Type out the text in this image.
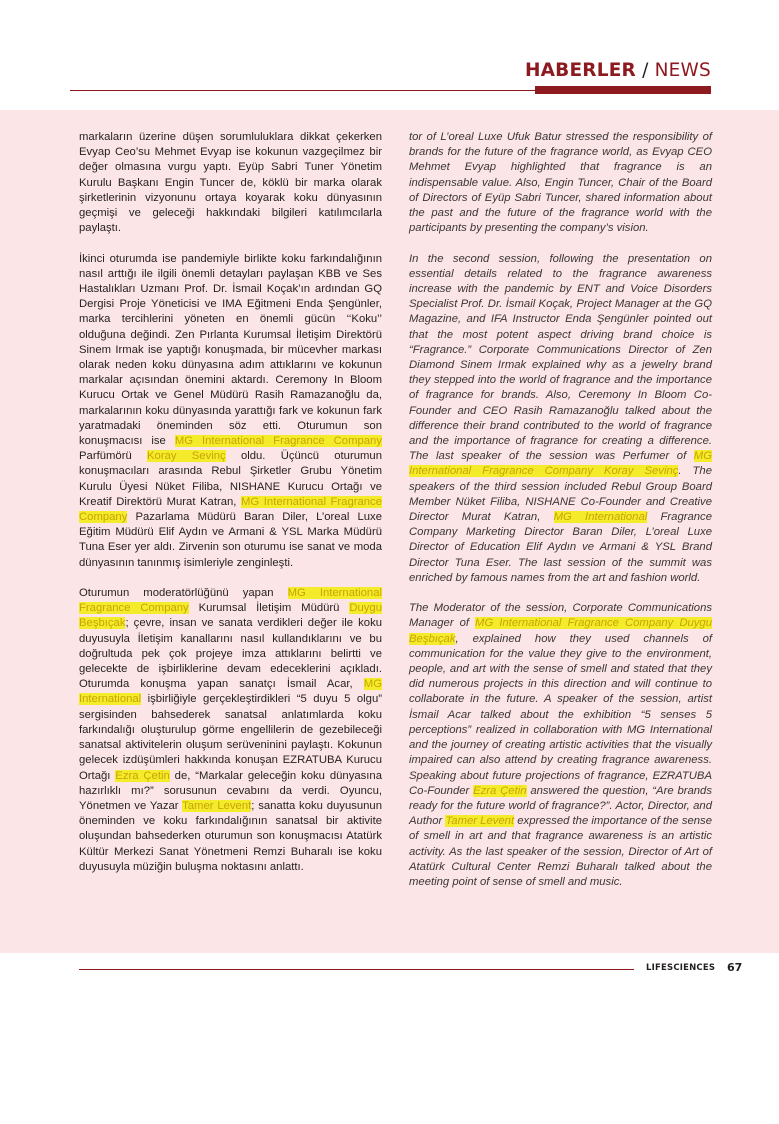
HABERLER / NEWS

markaların üzerine düşen sorumluluklara dikkat çekerken Evyap Ceo’su Mehmet Evyap ise kokunun vazgeçilmez bir değer olmasına vurgu yaptı. Eyüp Sabri Tuner Yönetim Kurulu Başkanı Engin Tuncer de, köklü bir marka olarak şirketlerinin vizyonunu ortaya koyarak koku dünyasının geçmişi ve geleceği hakkındaki bilgileri katılımcılarla paylaştı.

İkinci oturumda ise pandemiyle birlikte koku farkındalığının nasıl arttığı ile ilgili önemli detayları paylaşan KBB ve Ses Hastalıkları Uzmanı Prof. Dr. İsmail Koçak’ın ardından GQ Dergisi Proje Yöneticisi ve IMA Eğitmeni Enda Şengünler, marka tercihlerini yöneten en önemli gücün ‘‘Koku’’ olduğuna değindi. Zen Pırlanta Kurumsal İletişim Direktörü Sinem Irmak ise yaptığı konuşmada, bir mücevher markası olarak neden koku dünyasına adım attıklarını ve kokunun markalar açısından önemini aktardı. Ceremony In Bloom Kurucu Ortak ve Genel Müdürü Rasih Ramazanoğlu da, markalarının koku dünyasında yarattığı fark ve kokunun fark yaratmadaki öneminden söz etti. Oturumun son konuşmacısı ise MG International Fragrance Company Parfümörü Koray Sevinç oldu. Üçüncü oturumun konuşmacıları arasında Rebul Şirketler Grubu Yönetim Kurulu Üyesi Nüket Filiba, NISHANE Kurucu Ortağı ve Kreatif Direktörü Murat Katran, MG International Fragrance Company Pazarlama Müdürü Baran Diler, L’oreal Luxe Eğitim Müdürü Elif Aydın ve Armani & YSL Marka Müdürü Tuna Eser yer aldı. Zirvenin son oturumu ise sanat ve moda dünyasının tanınmış isimleriyle zenginleşti.

Oturumun moderatörlüğünü yapan MG International Fragrance Company Kurumsal İletişim Müdürü Duygu Beşbıçak; çevre, insan ve sanata verdikleri değer ile koku duyusuyla İletişim kanallarını nasıl kullandıklarını ve bu doğrultuda pek çok projeye imza attıklarını belirtti ve gelecekte de işbirliklerine devam edeceklerini açıkladı. Oturumda konuşma yapan sanatçı İsmail Acar, MG International işbirliğiyle gerçekleştirdikleri “5 duyu 5 olgu” sergisinden bahsederek sanatsal anlatımlarda koku farkındalığı oluşturulup görme engellilerin de gezebileceği sanatsal aktivitelerin oluşum serüveninini paylaştı. Kokunun gelecek izdüşümleri hakkında konuşan EZRATUBA Kurucu Ortağı Ezra Çetin de, “Markalar geleceğin koku dünyasına hazırlıklı mı?” sorusunun cevabını da verdi. Oyuncu, Yönetmen ve Yazar Tamer Levent; sanatta koku duyusunun öneminden ve koku farkındalığının sanatsal bir aktivite oluşundan bahsederken oturumun son konuşmacısı Atatürk Kültür Merkezi Sanat Yönetmeni Remzi Buharalı ise koku duyusuyla müziğin buluşma noktasını anlattı.

tor of L’oreal Luxe Ufuk Batur stressed the responsibility of brands for the future of the fragrance world, as Evyap CEO Mehmet Evyap highlighted that fragrance is an indispensable value. Also, Engin Tuncer, Chair of the Board of Directors of Eyüp Sabri Tuncer, shared information about the past and the future of the fragrance world with the participants by presenting the company’s vision.

In the second session, following the presentation on essential details related to the fragrance awareness increase with the pandemic by ENT and Voice Disorders Specialist Prof. Dr. İsmail Koçak, Project Manager at the GQ Magazine, and IFA Instructor Enda Şengünler pointed out that the most potent aspect driving brand choice is “Fragrance.” Corporate Communications Director of Zen Diamond Sinem Irmak explained why as a jewelry brand they stepped into the world of fragrance and the importance of fragrance for brands. Also, Ceremony In Bloom Co-Founder and CEO Rasih Ramazanoğlu talked about the difference their brand contributed to the world of fragrance and the importance of fragrance for creating a difference. The last speaker of the session was Perfumer of MG International Fragrance Company Koray Sevinç. The speakers of the third session included Rebul Group Board Member Nüket Filiba, NISHANE Co-Founder and Creative Director Murat Katran, MG International Fragrance Company Marketing Director Baran Diler, L’oreal Luxe Director of Education Elif Aydın ve Armani & YSL Brand Director Tuna Eser. The last session of the summit was enriched by famous names from the art and fashion world.

The Moderator of the session, Corporate Communications Manager of MG International Fragrance Company Duygu Beşbıçak, explained how they used channels of communication for the value they give to the environment, people, and art with the sense of smell and stated that they did numerous projects in this direction and will continue to collaborate in the future. A speaker of the session, artist İsmail Acar talked about the exhibition “5 senses 5 perceptions” realized in collaboration with MG International and the journey of creating artistic activities that the visually impaired can also attend by creating fragrance awareness. Speaking about future projections of fragrance, EZRATUBA Co-Founder Ezra Çetin answered the question, “Are brands ready for the future world of fragrance?”. Actor, Director, and Author Tamer Levent expressed the importance of the sense of smell in art and that fragrance awareness is an artistic activity. As the last speaker of the session, Director of Art of Atatürk Cultural Center Remzi Buharalı talked about the meeting point of sense of smell and music.

LIFESCIENCES 67
